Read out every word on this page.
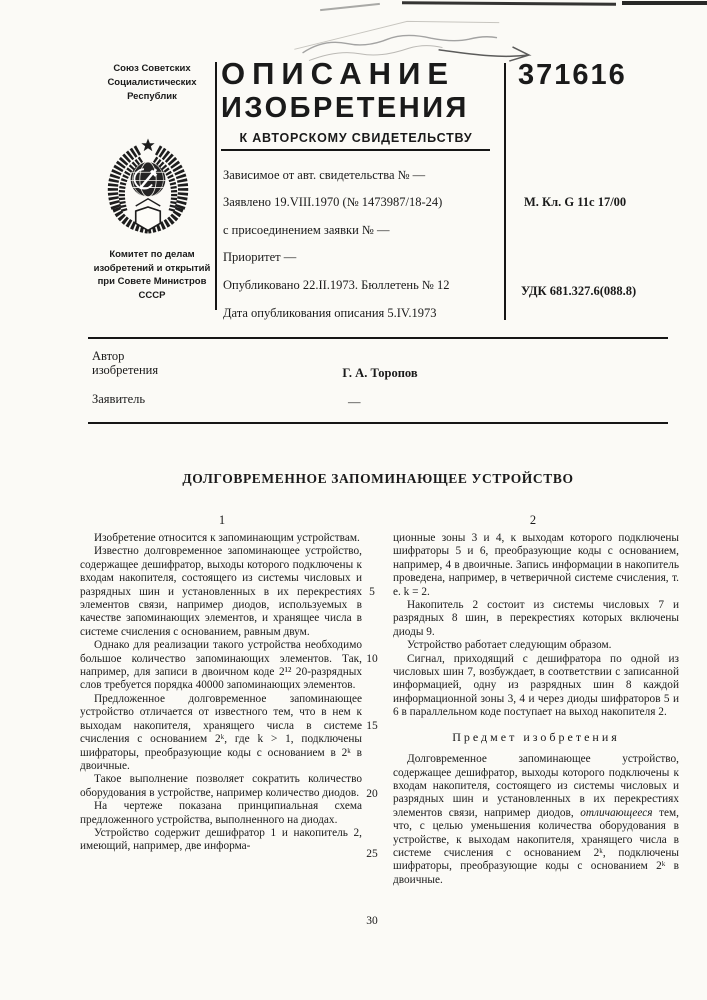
Союз Советских
Социалистических
Республик
Комитет по делам
изобретений и открытий
при Совете Министров
СССР
ОПИСАНИЕ
ИЗОБРЕТЕНИЯ
К АВТОРСКОМУ СВИДЕТЕЛЬСТВУ
371616
Зависимое от авт. свидетельства № —
Заявлено 19.VIII.1970 (№ 1473987/18-24)
с присоединением заявки № —
Приоритет —
Опубликовано 22.II.1973. Бюллетень № 12
Дата опубликования описания 5.IV.1973
М. Кл. G 11c 17/00
УДК 681.327.6(088.8)
Автор
изобретения	Г. А. Торопов
Заявитель	—
ДОЛГОВРЕМЕННОЕ ЗАПОМИНАЮЩЕЕ УСТРОЙСТВО
1	2
5
10
15
20
25
30

Изобретение относится к запоминающим устройствам.

Известно долговременное запоминающее устройство, содержащее дешифратор, выходы которого подключены к входам накопителя, состоящего из системы числовых и разрядных шин и установленных в их перекрестиях элементов связи, например диодов, используемых в качестве запоминающих элементов, и хранящее числа в системе счисления с основанием, равным двум.

Однако для реализации такого устройства необходимо большое количество запоминающих элементов. Так, например, для записи в двоичном коде 2¹² 20-разрядных слов требуется порядка 40000 запоминающих элементов.

Предложенное долговременное запоминающее устройство отличается от известного тем, что в нем к выходам накопителя, хранящего числа в системе счисления с основанием 2ᵏ, где k > 1, подключены шифраторы, преобразующие коды с основанием в 2ᵏ в двоичные.

Такое выполнение позволяет сократить количество оборудования в устройстве, например количество диодов.

На чертеже показана принципиальная схема предложенного устройства, выполненного на диодах.

Устройство содержит дешифратор 1 и накопитель 2, имеющий, например, две информа-

ционные зоны 3 и 4, к выходам которого подключены шифраторы 5 и 6, преобразующие коды с основанием, например, 4 в двоичные. Запись информации в накопитель проведена, например, в четверичной системе счисления, т. е. k = 2.

Накопитель 2 состоит из системы числовых 7 и разрядных 8 шин, в перекрестиях которых включены диоды 9.

Устройство работает следующим образом.

Сигнал, приходящий с дешифратора по одной из числовых шин 7, возбуждает, в соответствии с записанной информацией, одну из разрядных шин 8 каждой информационной зоны 3, 4 и через диоды шифраторов 5 и 6 в параллельном коде поступает на выход накопителя 2.

Предмет изобретения

Долговременное запоминающее устройство, содержащее дешифратор, выходы которого подключены к входам накопителя, состоящего из системы числовых и разрядных шин и установленных в их перекрестиях элементов связи, например диодов, отличающееся тем, что, с целью уменьшения количества оборудования в устройстве, к выходам накопителя, хранящего числа в системе счисления с основанием 2ᵏ, подключены шифраторы, преобразующие коды с основанием 2ᵏ в двоичные.
